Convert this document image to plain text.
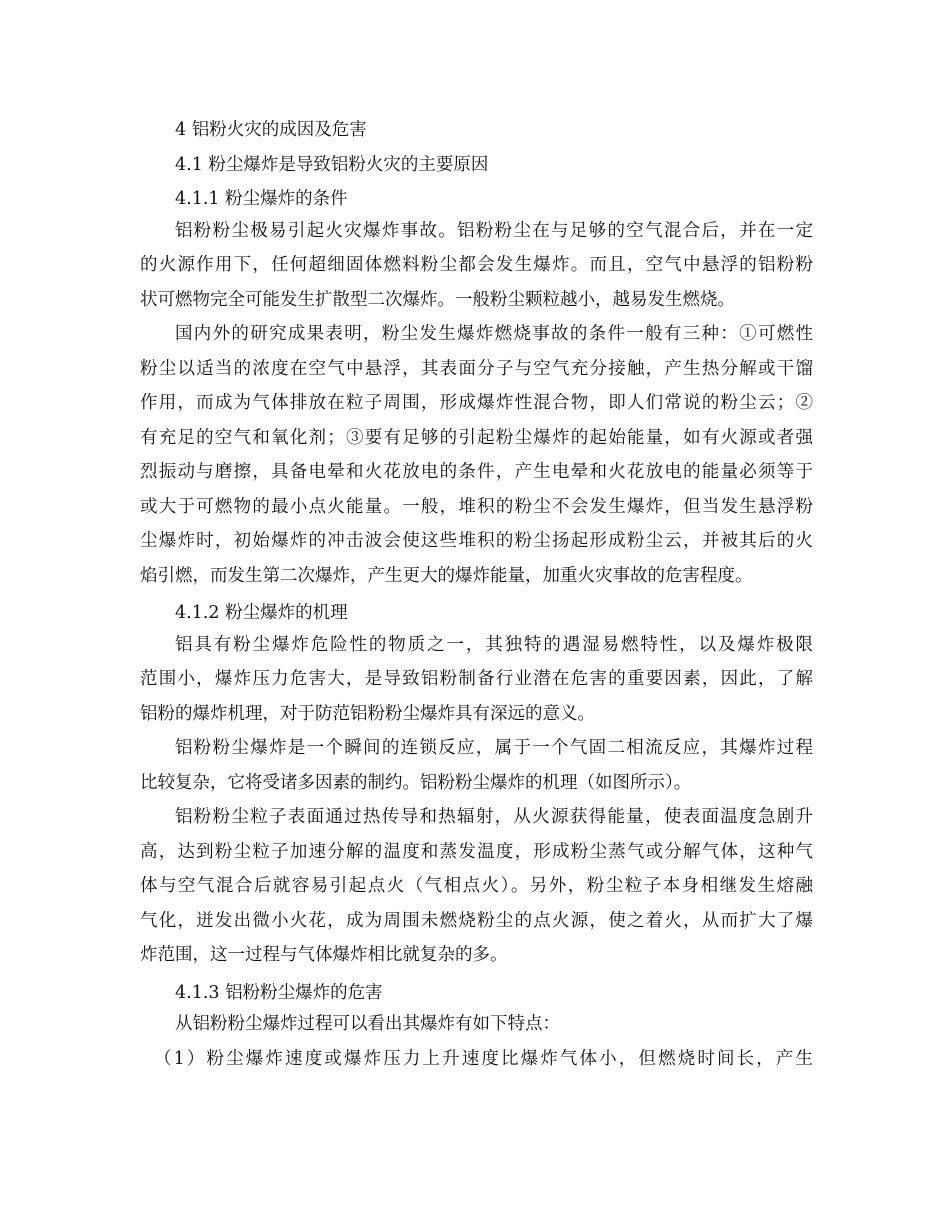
4 铝粉火灾的成因及危害
4.1 粉尘爆炸是导致铝粉火灾的主要原因
4.1.1 粉尘爆炸的条件
铝粉粉尘极易引起火灾爆炸事故。铝粉粉尘在与足够的空气混合后，并在一定
的火源作用下，任何超细固体燃料粉尘都会发生爆炸。而且，空气中悬浮的铝粉粉
状可燃物完全可能发生扩散型二次爆炸。一般粉尘颗粒越小，越易发生燃烧。
国内外的研究成果表明，粉尘发生爆炸燃烧事故的条件一般有三种：①可燃性
粉尘以适当的浓度在空气中悬浮，其表面分子与空气充分接触，产生热分解或干馏
作用，而成为气体排放在粒子周围，形成爆炸性混合物，即人们常说的粉尘云；②
有充足的空气和氧化剂；③要有足够的引起粉尘爆炸的起始能量，如有火源或者强
烈振动与磨擦，具备电晕和火花放电的条件，产生电晕和火花放电的能量必须等于
或大于可燃物的最小点火能量。一般，堆积的粉尘不会发生爆炸，但当发生悬浮粉
尘爆炸时，初始爆炸的冲击波会使这些堆积的粉尘扬起形成粉尘云，并被其后的火
焰引燃，而发生第二次爆炸，产生更大的爆炸能量，加重火灾事故的危害程度。
4.1.2 粉尘爆炸的机理
铝具有粉尘爆炸危险性的物质之一，其独特的遇湿易燃特性，以及爆炸极限
范围小，爆炸压力危害大，是导致铝粉制备行业潜在危害的重要因素，因此，了解
铝粉的爆炸机理，对于防范铝粉粉尘爆炸具有深远的意义。
铝粉粉尘爆炸是一个瞬间的连锁反应，属于一个气固二相流反应，其爆炸过程
比较复杂，它将受诸多因素的制约。铝粉粉尘爆炸的机理（如图所示）。
铝粉粉尘粒子表面通过热传导和热辐射，从火源获得能量，使表面温度急剧升
高，达到粉尘粒子加速分解的温度和蒸发温度，形成粉尘蒸气或分解气体，这种气
体与空气混合后就容易引起点火（气相点火）。另外，粉尘粒子本身相继发生熔融
气化，迸发出微小火花，成为周围未燃烧粉尘的点火源，使之着火，从而扩大了爆
炸范围，这一过程与气体爆炸相比就复杂的多。
4.1.3 铝粉粉尘爆炸的危害
从铝粉粉尘爆炸过程可以看出其爆炸有如下特点：
（1）粉尘爆炸速度或爆炸压力上升速度比爆炸气体小，但燃烧时间长，产生
